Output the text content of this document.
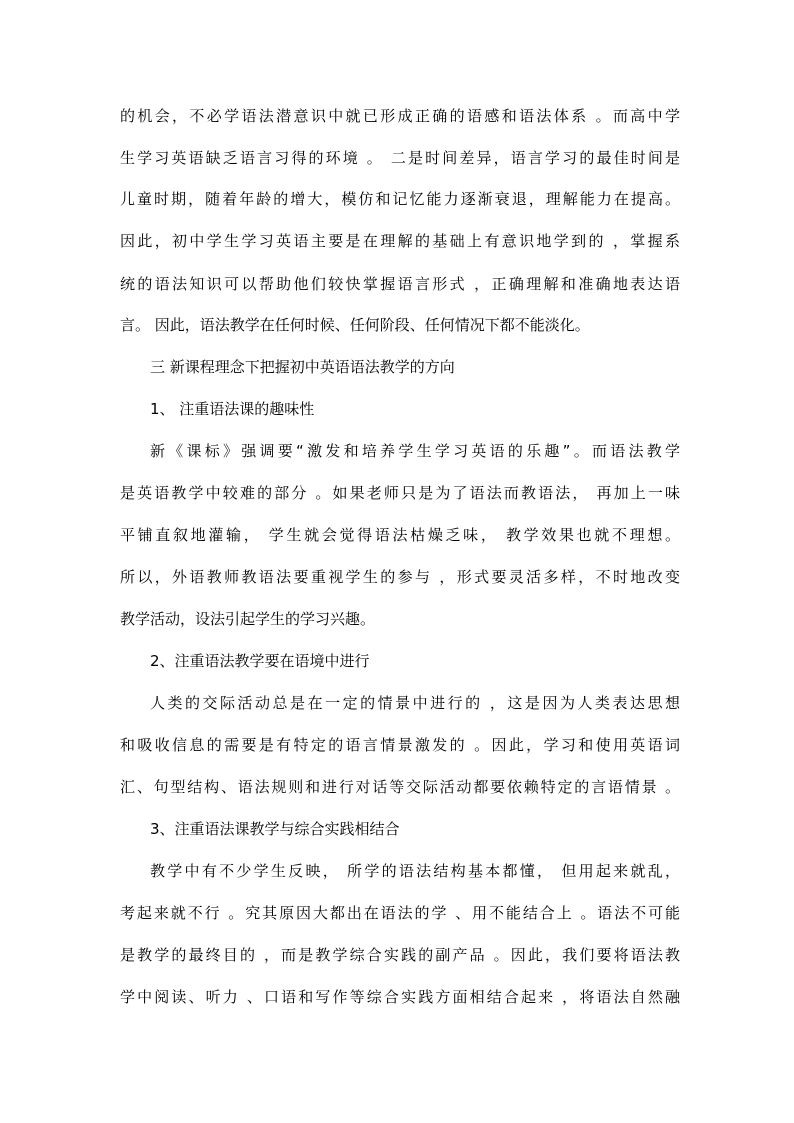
的机会，不必学语法潜意识中就已形成正确的语感和语法体系 。而高中学
生学习英语缺乏语言习得的环境 。 二是时间差异，语言学习的最佳时间是
儿童时期，随着年龄的增大，模仿和记忆能力逐渐衰退，理解能力在提高。
因此，初中学生学习英语主要是在理解的基础上有意识地学到的 ，掌握系
统的语法知识可以帮助他们较快掌握语言形式 ，正确理解和准确地表达语
言。 因此，语法教学在任何时候、任何阶段、任何情况下都不能淡化。
三 新课程理念下把握初中英语语法教学的方向
1、 注重语法课的趣味性
新《课标》强调要“激发和培养学生学习英语的乐趣”。而语法教学
是英语教学中较难的部分 。如果老师只是为了语法而教语法， 再加上一味
平铺直叙地灌输， 学生就会觉得语法枯燥乏味， 教学效果也就不理想。
所以，外语教师教语法要重视学生的参与 ，形式要灵活多样，不时地改变
教学活动，设法引起学生的学习兴趣。
2、注重语法教学要在语境中进行
人类的交际活动总是在一定的情景中进行的 ，这是因为人类表达思想
和吸收信息的需要是有特定的语言情景激发的 。因此，学习和使用英语词
汇、句型结构、语法规则和进行对话等交际活动都要依赖特定的言语情景 。
3、注重语法课教学与综合实践相结合
教学中有不少学生反映， 所学的语法结构基本都懂， 但用起来就乱，
考起来就不行 。究其原因大都出在语法的学 、用不能结合上 。语法不可能
是教学的最终目的 ，而是教学综合实践的副产品 。因此，我们要将语法教
学中阅读、听力 、口语和写作等综合实践方面相结合起来 ，将语法自然融
